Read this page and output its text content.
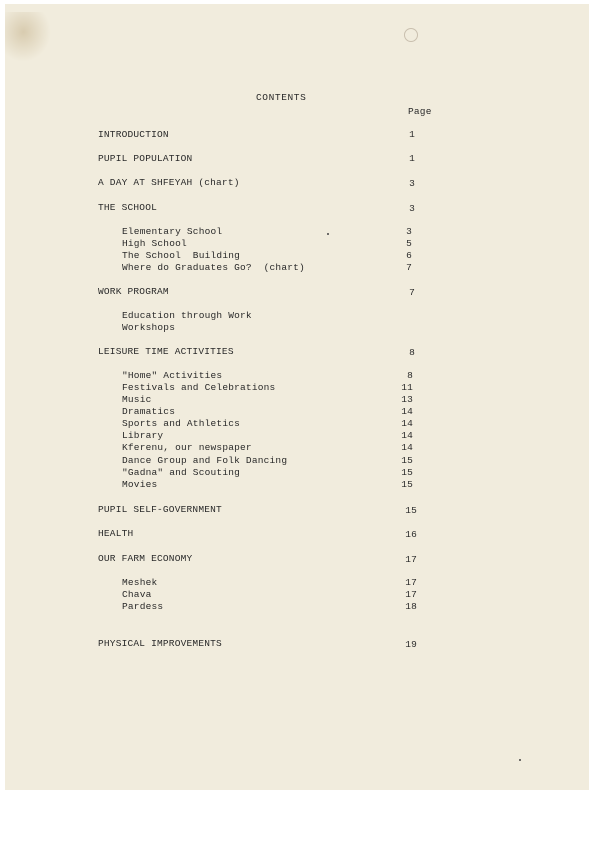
CONTENTS
Page
INTRODUCTION	1
PUPIL POPULATION	1
A DAY AT SHFEYAH (chart)	3
THE SCHOOL	3
Elementary School	3
High School	5
The School  Building	6
Where do Graduates Go?  (chart)	7
WORK PROGRAM	7
Education through Work
Workshops
LEISURE TIME ACTIVITIES	8
"Home" Activities	8
Festivals and Celebrations	11
Music	13
Dramatics	14
Sports and Athletics	14
Library	14
Kferenu, our newspaper	14
Dance Group and Folk Dancing	15
"Gadna" and Scouting	15
Movies	15
PUPIL SELF-GOVERNMENT	15
HEALTH	16
OUR FARM ECONOMY	17
Meshek	17
Chava	17
Pardess	18
PHYSICAL IMPROVEMENTS	19
